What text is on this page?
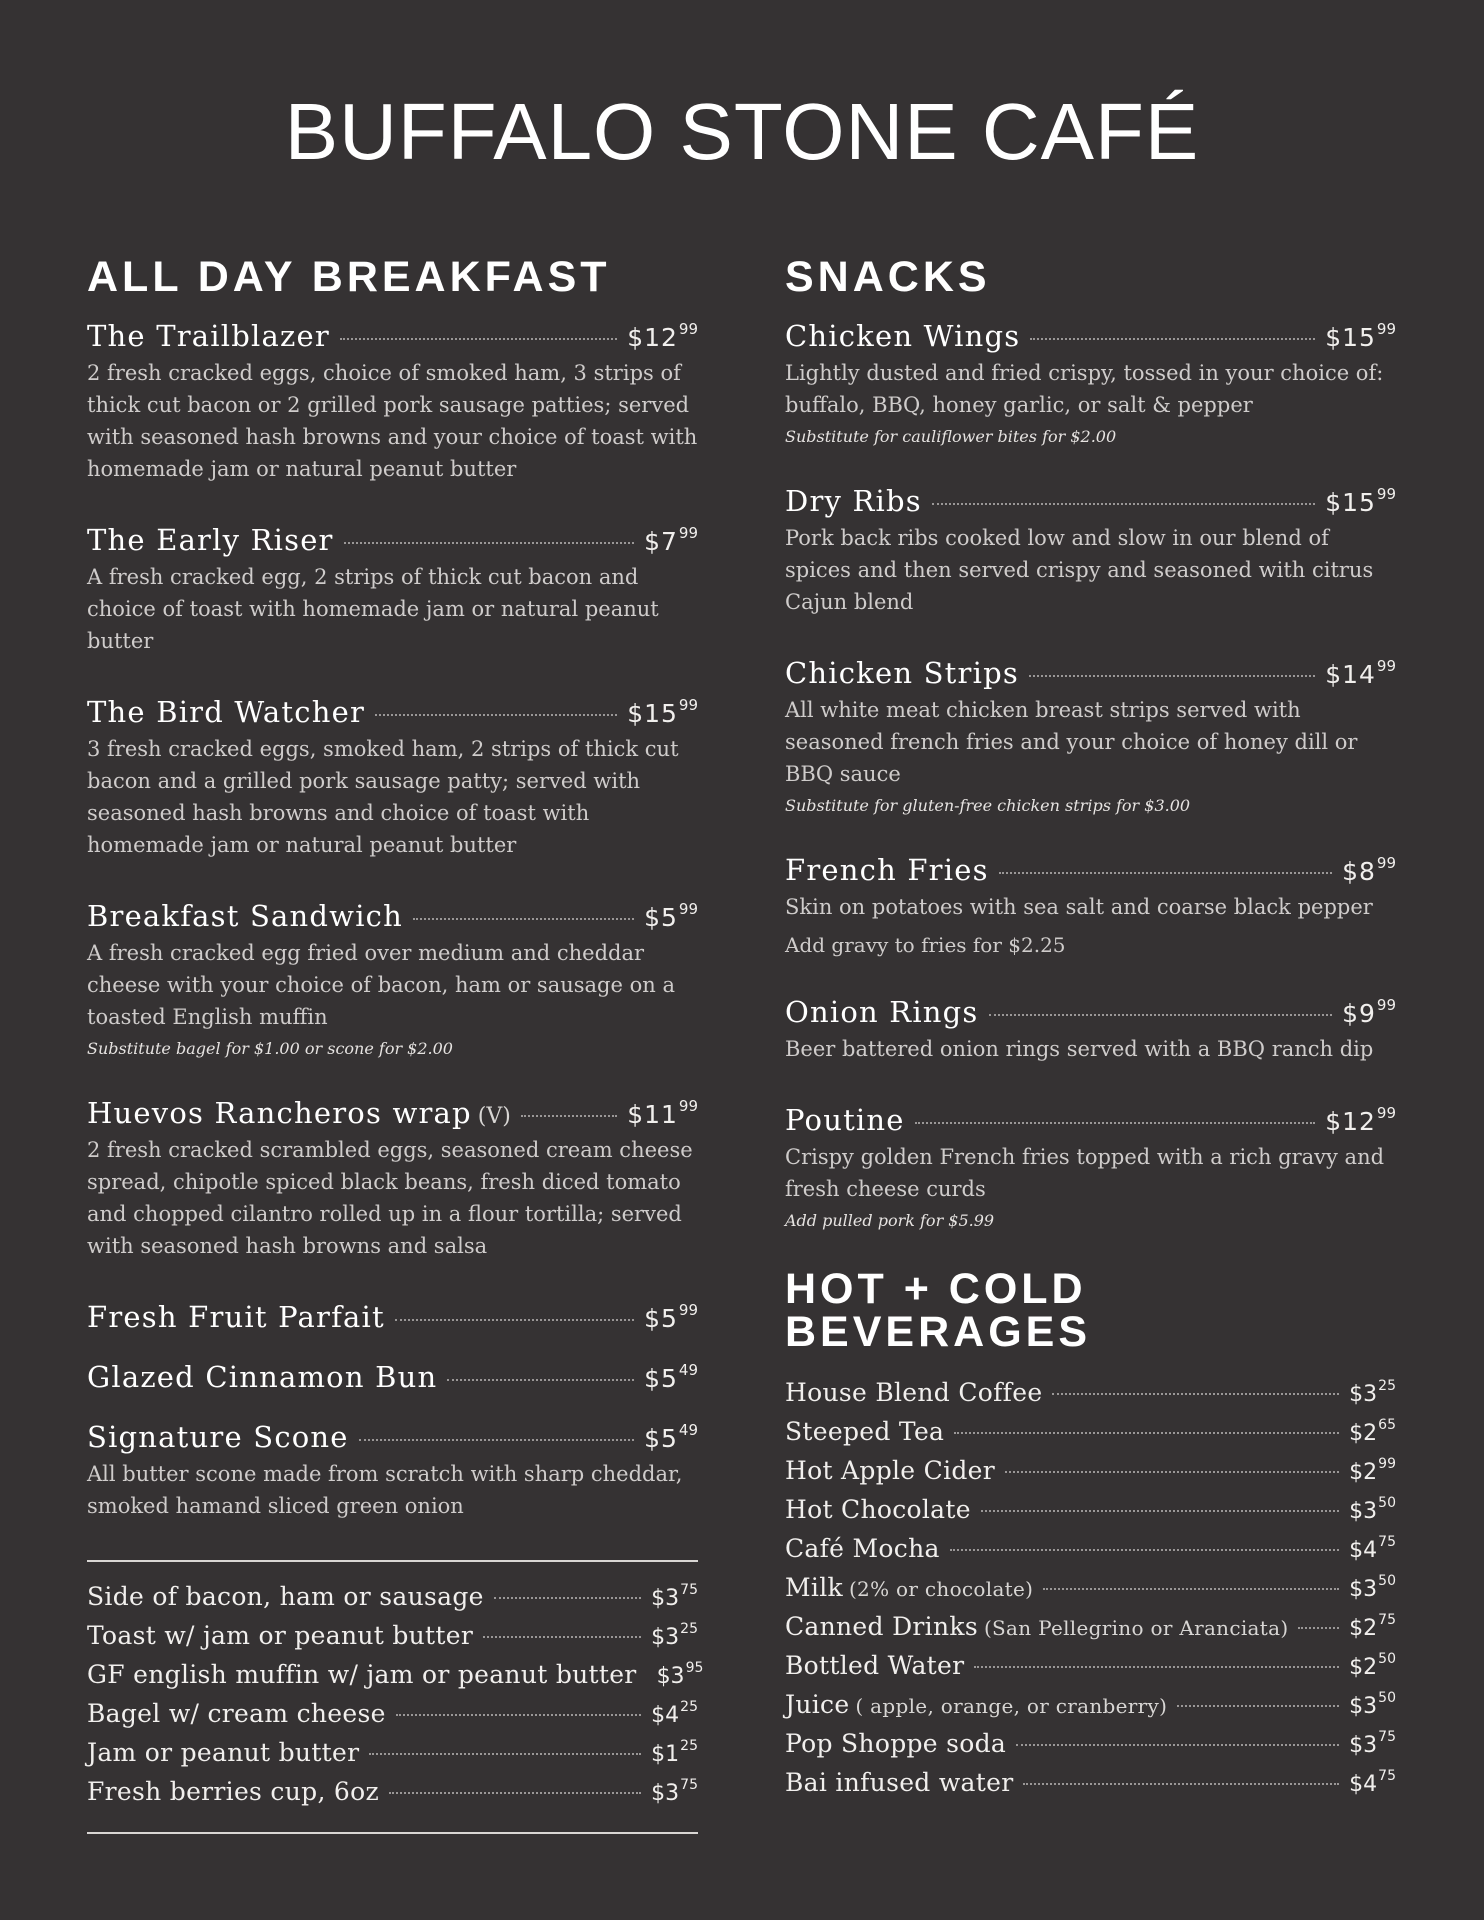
BUFFALO STONE CAFÉ
ALL DAY BREAKFAST
The Trailblazer	$\$12^{99}$
2 fresh cracked eggs, choice of smoked ham, 3 strips of thick cut bacon or 2 grilled pork sausage patties; served with seasoned hash browns and your choice of toast with homemade jam or natural peanut butter
The Early Riser	$\$7^{99}$
A fresh cracked egg, 2 strips of thick cut bacon and choice of toast with homemade jam or natural peanut butter
The Bird Watcher	$\$15^{99}$
3 fresh cracked eggs, smoked ham, 2 strips of thick cut bacon and a grilled pork sausage patty; served with seasoned hash browns and choice of toast with homemade jam or natural peanut butter
Breakfast Sandwich	$\$5^{99}$
A fresh cracked egg fried over medium and cheddar cheese with your choice of bacon, ham or sausage on a toasted English muffin
Substitute bagel for $1.00 or scone for $2.00
Huevos Rancheros wrap (V)	$\$11^{99}$
2 fresh cracked scrambled eggs, seasoned cream cheese spread, chipotle spiced black beans, fresh diced tomato and chopped cilantro rolled up in a flour tortilla; served with seasoned hash browns and salsa
Fresh Fruit Parfait	$\$5^{99}$
Glazed Cinnamon Bun	$\$5^{49}$
Signature Scone	$\$5^{49}$
All butter scone made from scratch with sharp cheddar, smoked hamand sliced green onion
Side of bacon, ham or sausage	$\$3^{75}$
Toast w/ jam or peanut butter	$\$3^{25}$
GF english muffin w/ jam or peanut butter $\$3^{95}$
Bagel w/ cream cheese	$\$4^{25}$
Jam or peanut butter	$\$1^{25}$
Fresh berries cup, 6oz	$\$3^{75}$
SNACKS
Chicken Wings	$\$15^{99}$
Lightly dusted and fried crispy, tossed in your choice of: buffalo, BBQ, honey garlic, or salt & pepper
Substitute for cauliflower bites for $2.00
Dry Ribs	$\$15^{99}$
Pork back ribs cooked low and slow in our blend of spices and then served crispy and seasoned with citrus Cajun blend
Chicken Strips	$\$14^{99}$
All white meat chicken breast strips served with seasoned french fries and your choice of honey dill or BBQ sauce
Substitute for gluten-free chicken strips for $3.00
French Fries	$\$8^{99}$
Skin on potatoes with sea salt and coarse black pepper
Add gravy to fries for $2.25
Onion Rings	$\$9^{99}$
Beer battered onion rings served with a BBQ ranch dip
Poutine	$\$12^{99}$
Crispy golden French fries topped with a rich gravy and fresh cheese curds
Add pulled pork for $5.99
HOT + COLD BEVERAGES
House Blend Coffee	$\$3^{25}$
Steeped Tea	$\$2^{65}$
Hot Apple Cider	$\$2^{99}$
Hot Chocolate	$\$3^{50}$
Café Mocha	$\$4^{75}$
Milk (2% or chocolate)	$\$3^{50}$
Canned Drinks (San Pellegrino or Aranciata)	$\$2^{75}$
Bottled Water	$\$2^{50}$
Juice ( apple, orange, or cranberry)	$\$3^{50}$
Pop Shoppe soda	$\$3^{75}$
Bai infused water	$\$4^{75}$
